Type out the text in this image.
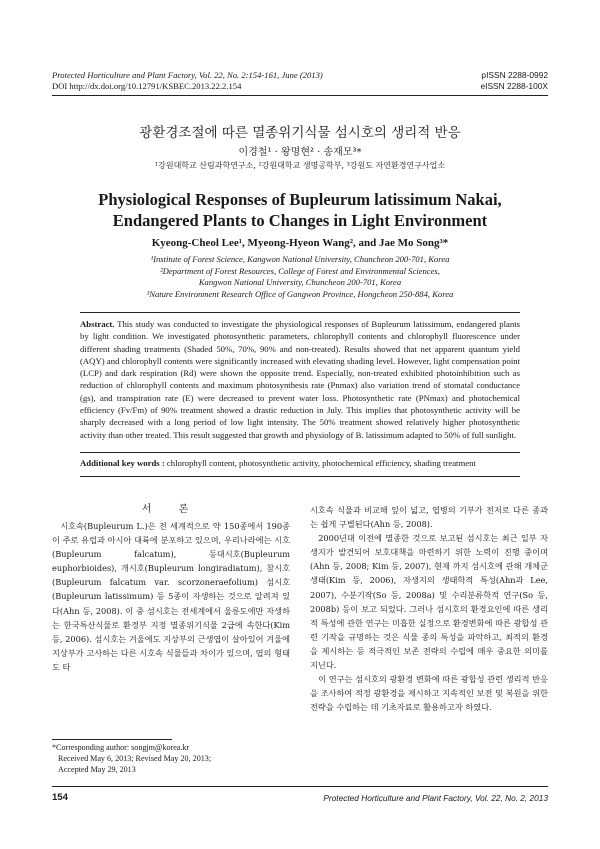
Protected Horticulture and Plant Factory, Vol. 22, No. 2:154-161, June (2013)
DOI http://dx.doi.org/10.12791/KSBEC.2013.22.2.154
pISSN 2288-0992
eISSN 2288-100X
광환경조절에 따른 멸종위기식물 섬시호의 생리적 반응
이경철¹ · 왕명현² · 송재모³*
¹강원대학교 산림과학연구소, ²강원대학교 생명공학부, ³강원도 자연환경연구사업소
Physiological Responses of Bupleurum latissimum Nakai,
Endangered Plants to Changes in Light Environment
Kyeong-Cheol Lee¹, Myeong-Hyeon Wang², and Jae Mo Song³*
¹Institute of Forest Science, Kangwon National University, Chuncheon 200-701, Korea
²Department of Forest Resources, College of Forest and Environmental Sciences,
Kangwon National University, Chuncheon 200-701, Korea
³Nature Environment Research Office of Gangwon Province, Hongcheon 250-884, Korea
Abstract. This study was conducted to investigate the physiological responses of Bupleurum latissimum, endangered plants by light condition. We investigated photosynthetic parameters, chlorophyll contents and chlorophyll fluorescence under different shading treatments (Shaded 50%, 70%, 90% and non-treated). Results showed that net apparent quantum yield (AQY) and chlorophyll contents were significantly increased with elevating shading level. However, light compensation point (LCP) and dark respiration (Rd) were shown the opposite trend. Especially, non-treated exhibited photoinhibition such as reduction of chlorophyll contents and maximum photosynthesis rate (Pnmax) also variation trend of stomatal conductance (gs), and transpiration rate (E) were decreased to prevent water loss. Photosynthetic rate (PNmax) and photochemical efficiency (Fv/Fm) of 90% treatment showed a drastic reduction in July. This implies that photosynthetic activity will be sharply decreased with a long period of low light intensity. The 50% treatment showed relatively higher photosynthetic activity than other treated. This result suggested that growth and physiology of B. latissimum adapted to 50% of full sunlight.
Additional key words : chlorophyll content, photosynthetic activity, photochemical efficiency, shading treatment
서 론

시호속(Bupleurum L.)은 전 세계적으로 약 150종에서 190종이 주로 유럽과 아시아 대륙에 분포하고 있으며, 우리나라에는 시호(Bupleurum falcatum), 등대시호(Bupleurum euphorbioides), 개시호(Bupleurum longiradiatum), 참시호(Bupleurum falcatum var. scorzoneraefolium) 섬시호(Bupleurum latissimum) 등 5종이 자생하는 것으로 알려져 있다(Ahn 등, 2008). 이 중 섬시호는 전세계에서 울릉도에만 자생하는 한국특산식물로 환경부 지정 멸종위기식물 2급에 속한다(Kim 등, 2006). 섬시호는 겨울에도 지상부의 근생엽이 살아있어 겨울에 지상부가 고사하는 다른 시호속 식물들과 차이가 있으며, 엽의 형태도 타

시호속 식물과 비교해 잎이 넓고, 엽병의 기부가 전저로 다른 종과는 쉽게 구별된다(Ahn 등, 2008).

2000년대 이전에 멸종한 것으로 보고된 섬시호는 최근 일부 자생지가 발견되어 보호대책을 마련하기 위한 노력이 진행 중이며(Ahn 등, 2008; Kim 등, 2007), 현재 까지 섬시호에 관해 개체군 생태(Kim 등, 2006), 자생지의 생태학적 특성(Ahn과 Lee, 2007), 수분기작(So 등, 2008a) 및 수리분류학적 연구(So 등, 2008b) 등이 보고 되었다. 그러나 섬시호의 환경요인에 따른 생리적 특성에 관한 연구는 미흡한 실정으로 환경변화에 따른 광합성 관련 기작을 규명하는 것은 식물 종의 특성을 파악하고, 최적의 환경을 제시하는 등 적극적인 보존 전략의 수립에 매우 중요한 의미를 지닌다.

이 연구는 섬시호의 광환경 변화에 따른 광합성 관련 생리적 반응을 조사하여 적정 광환경을 제시하고 지속적인 보전 및 복원을 위한 전략을 수립하는 데 기초자료로 활용하고자 하였다.

*Corresponding author: songjm@korea.kr
Received May 6, 2013; Revised May 20, 2013;
Accepted May 29, 2013
154	Protected Horticulture and Plant Factory, Vol. 22, No. 2, 2013
